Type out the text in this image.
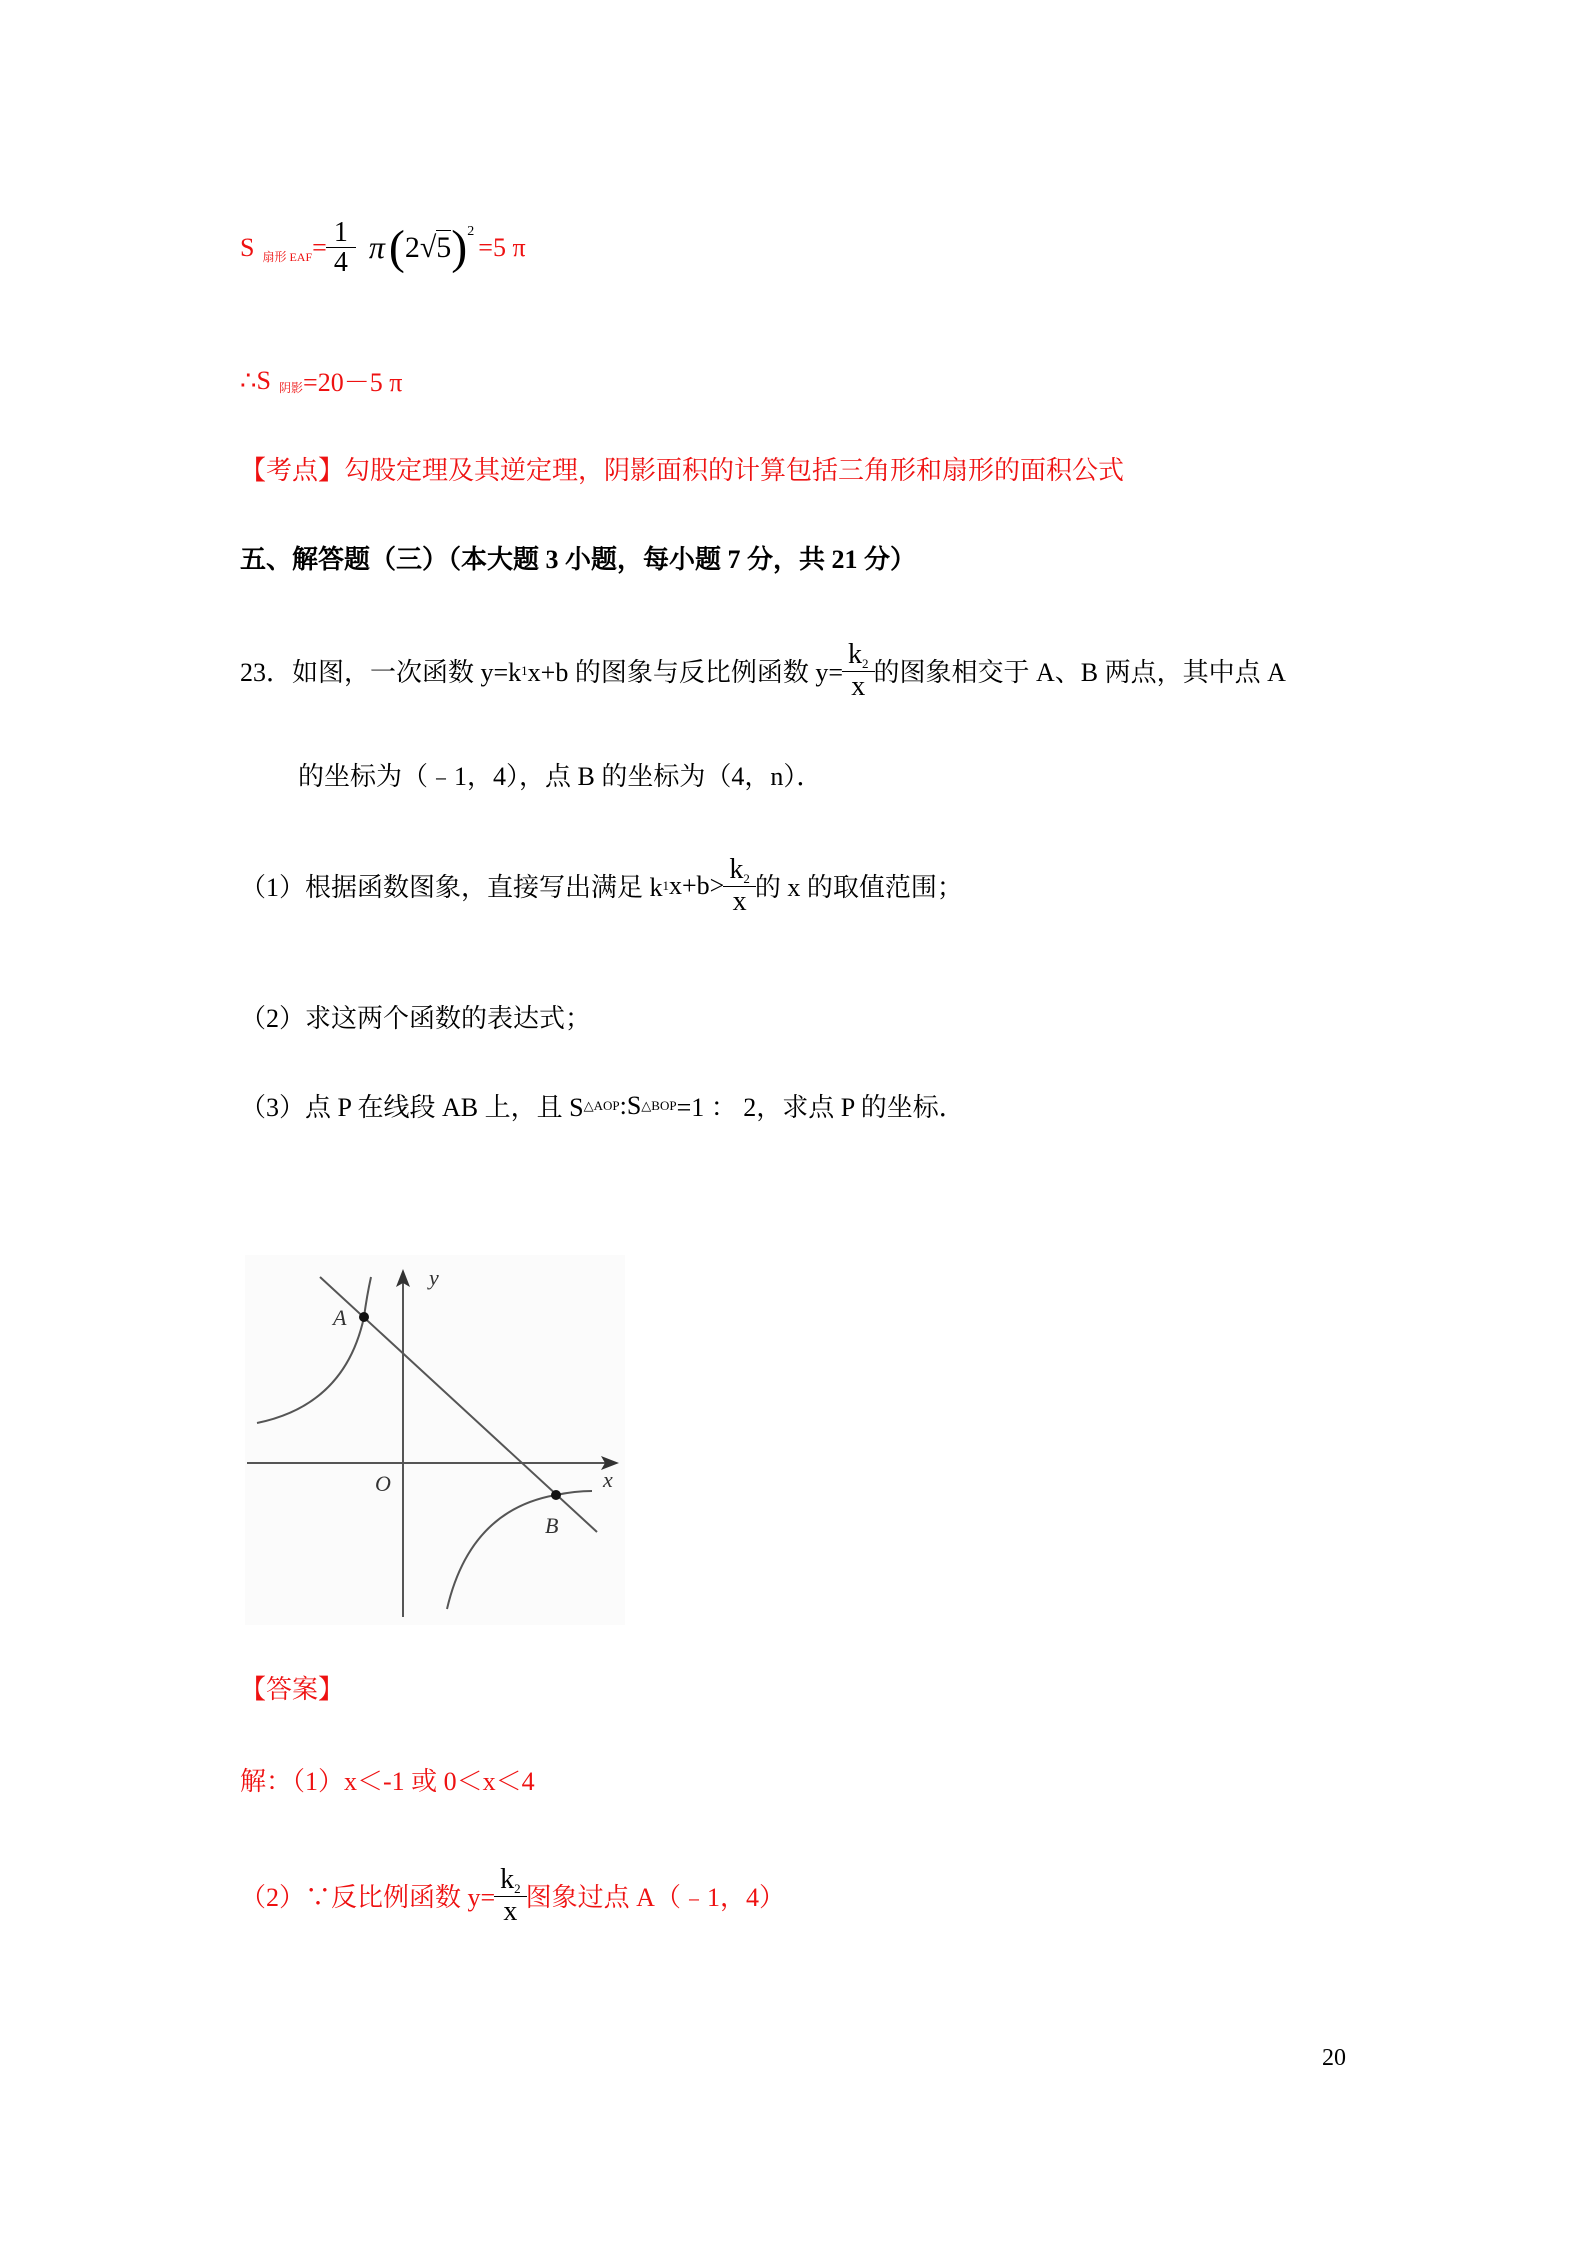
S 扇形 EAF = $\frac{1}{4}$ π ( 2 √ 5 ) 2
=5 π
∴S 阴影 =20－5 π
【考点】 勾股定理及其逆定理，阴影面积的计算包括三角形和扇形的面积公式
五、解答题（三）（本大题 3 小题，每小题 7 分，共 21 分）
23．如图，一次函数 y=k 1 x+b 的图象与反比例函数 $y= \frac{k_2}{x}$ 的图象相交于 A、B 两点，其中点 A
的坐标为（﹣1，4），点 B 的坐标为（4，n）．
（1）根据函数图象，直接写出满足 k 1 $x+b> \frac{k_2}{x}$ 的 x 的取值范围；
（2）求这两个函数的表达式；
（3）点 P 在线段 AB 上，且 S △AOP :S △BOP =1 ： 2，求点 P 的坐标．
A
y
O	x
B
【答案】
解：（1）x＜-1 或 0＜x＜4
（2）∵反比例函数 $y= \frac{k_2}{x}$ 图象过点 A（﹣1，4）
20
